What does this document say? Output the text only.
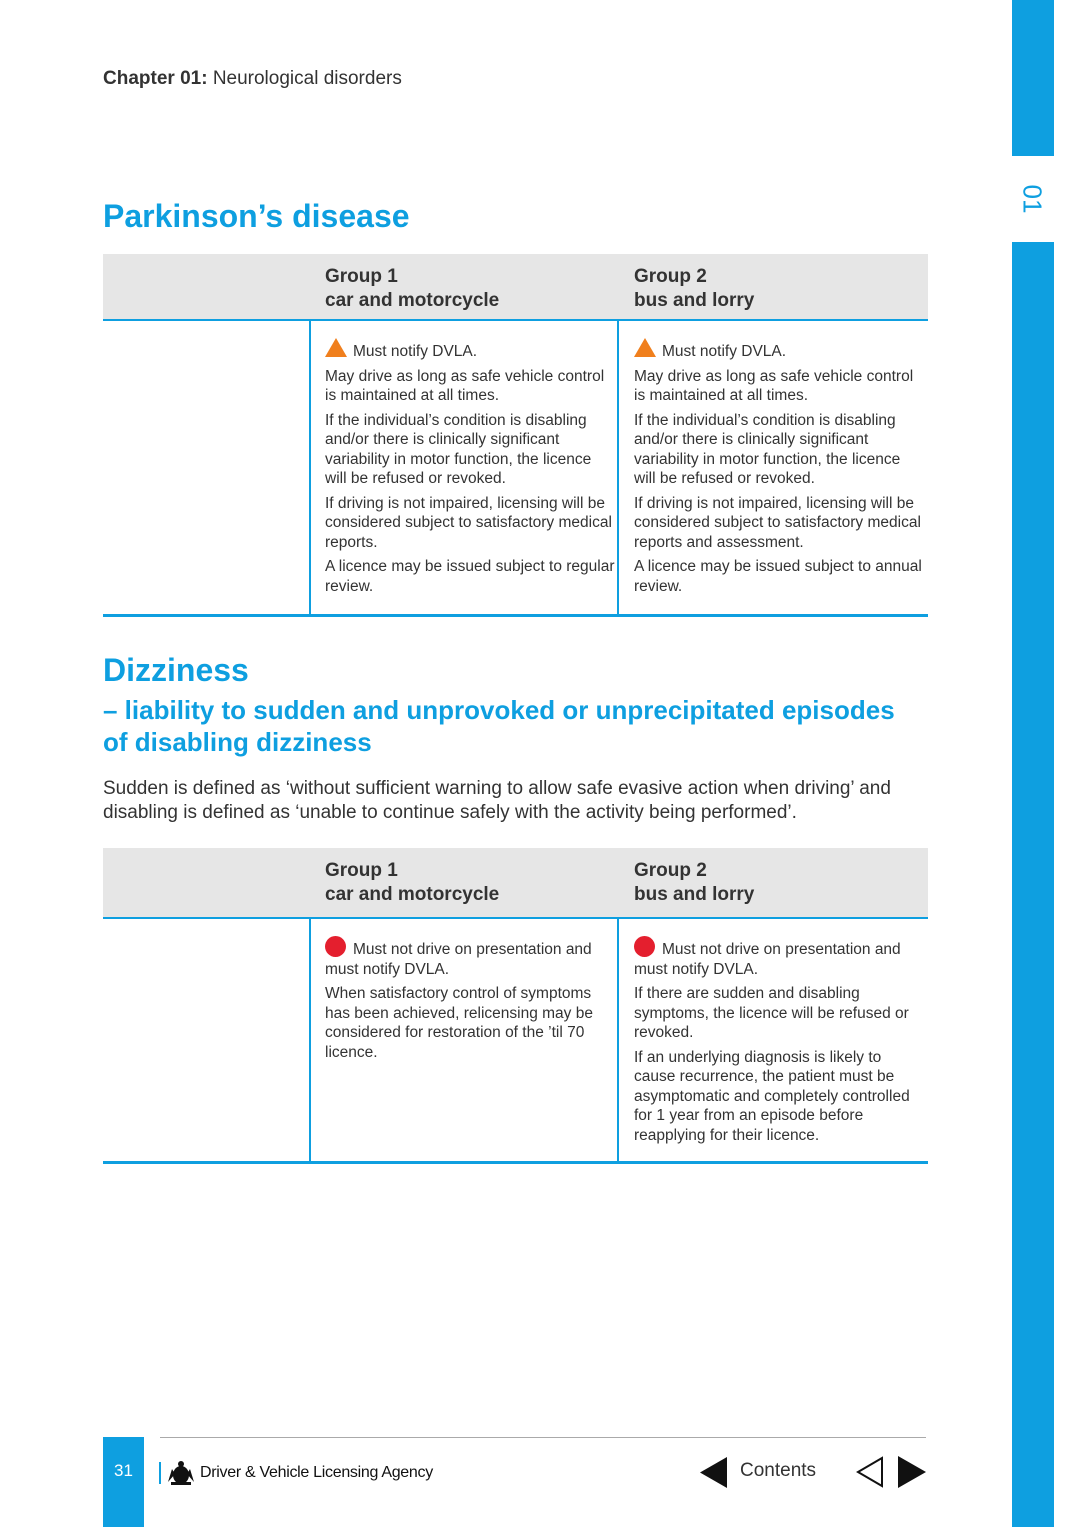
01
Chapter 01: Neurological disorders
Parkinson’s disease
Group 1
car and motorcycle
Group 2
bus and lorry

Must notify DVLA.

May drive as long as safe vehicle control is maintained at all times.

If the individual’s condition is disabling and/or there is clinically significant variability in motor function, the licence will be refused or revoked.

If driving is not impaired, licensing will be considered subject to satisfactory medical reports.

A licence may be issued subject to regular review.

Must notify DVLA.

May drive as long as safe vehicle control is maintained at all times.

If the individual’s condition is disabling and/or there is clinically significant variability in motor function, the licence will be refused or revoked.

If driving is not impaired, licensing will be considered subject to satisfactory medical reports and assessment.

A licence may be issued subject to annual review.

Dizziness
– liability to sudden and unprovoked or unprecipitated episodes of disabling dizziness
Sudden is defined as ‘without sufficient warning to allow safe evasive action when driving’ and disabling is defined as ‘unable to continue safely with the activity being performed’.
Group 1
car and motorcycle
Group 2
bus and lorry

Must not drive on presentation and must notify DVLA.

When satisfactory control of symptoms has been achieved, relicensing may be considered for restoration of the ’til 70 licence.

Must not drive on presentation and must notify DVLA.

If there are sudden and disabling symptoms, the licence will be refused or revoked.

If an underlying diagnosis is likely to cause recurrence, the patient must be asymptomatic and completely controlled for 1 year from an episode before reapplying for their licence.

31	Driver & Vehicle Licensing Agency	Contents
